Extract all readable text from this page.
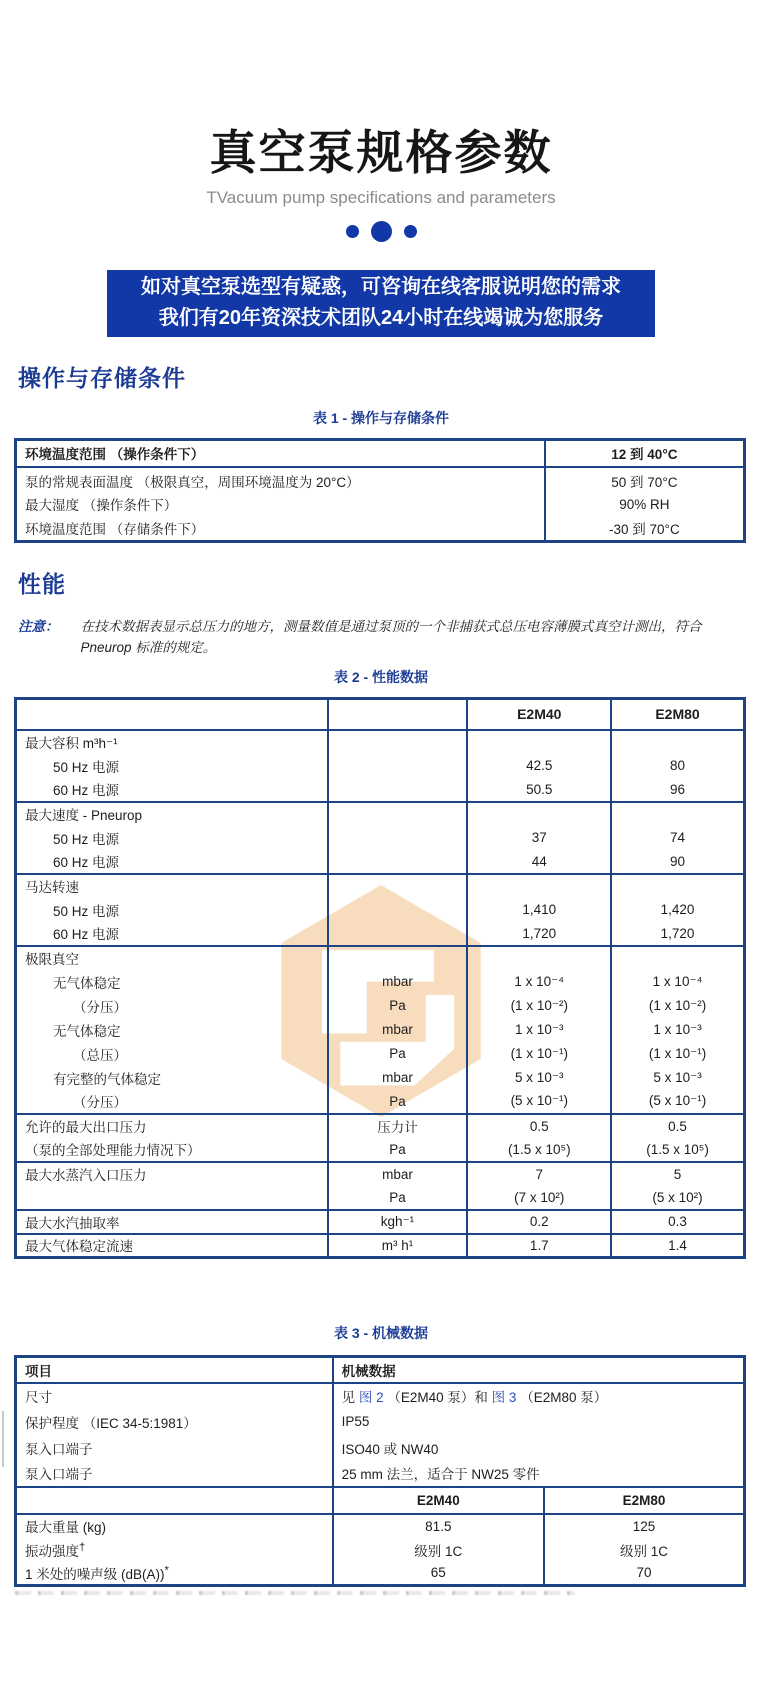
真空泵规格参数
TVacuum pump specifications and parameters
如对真空泵选型有疑惑，可咨询在线客服说明您的需求
我们有20年资深技术团队24小时在线竭诚为您服务
操作与存储条件
表 1 - 操作与存储条件
环境温度范围 （操作条件下）	12 到 40°C
泵的常规表面温度 （极限真空，周围环境温度为 20°C）	50 到 70°C
最大湿度 （操作条件下）	90% RH
环境温度范围 （存储条件下）	-30 到 70°C
性能
注意： 在技术数据表显示总压力的地方，测量数值是通过泵顶的一个非捕获式总压电容薄膜式真空计测出，符合
Pneurop 标准的规定。
表 2 - 性能数据
		E2M40	E2M80
最大容积 m³h⁻¹			
50 Hz 电源		42.5	80
60 Hz 电源		50.5	96
最大速度 - Pneurop			
50 Hz 电源		37	74
60 Hz 电源		44	90
马达转速			
50 Hz 电源		1,410	1,420
60 Hz 电源		1,720	1,720
极限真空			
无气体稳定	mbar	1 x 10⁻⁴	1 x 10⁻⁴
（分压）	Pa	(1 x 10⁻²)	(1 x 10⁻²)
无气体稳定	mbar	1 x 10⁻³	1 x 10⁻³
（总压）	Pa	(1 x 10⁻¹)	(1 x 10⁻¹)
有完整的气体稳定	mbar	5 x 10⁻³	5 x 10⁻³
（分压）	Pa	(5 x 10⁻¹)	(5 x 10⁻¹)
允许的最大出口压力	压力计	0.5	0.5
（泵的全部处理能力情况下）	Pa	(1.5 x 10⁵)	(1.5 x 10⁵)
最大水蒸汽入口压力	mbar	7	5
	Pa	(7 x 10²)	(5 x 10²)
最大水汽抽取率	kgh⁻¹	0.2	0.3
最大气体稳定流速	m³ h¹	1.7	1.4
表 3 - 机械数据
项目	机械数据	
尺寸	见 图 2 （E2M40 泵）和 图 3 （E2M80 泵）	
保护程度 （IEC 34-5:1981）	IP55	
泵入口端子	ISO40 或 NW40	
泵入口端子	25 mm 法兰，适合于 NW25 零件	
	E2M40	E2M80
最大重量 (kg)	81.5	125
振动强度†	级别 1C	级别 1C
1 米处的噪声级 (dB(A))*	65	70
